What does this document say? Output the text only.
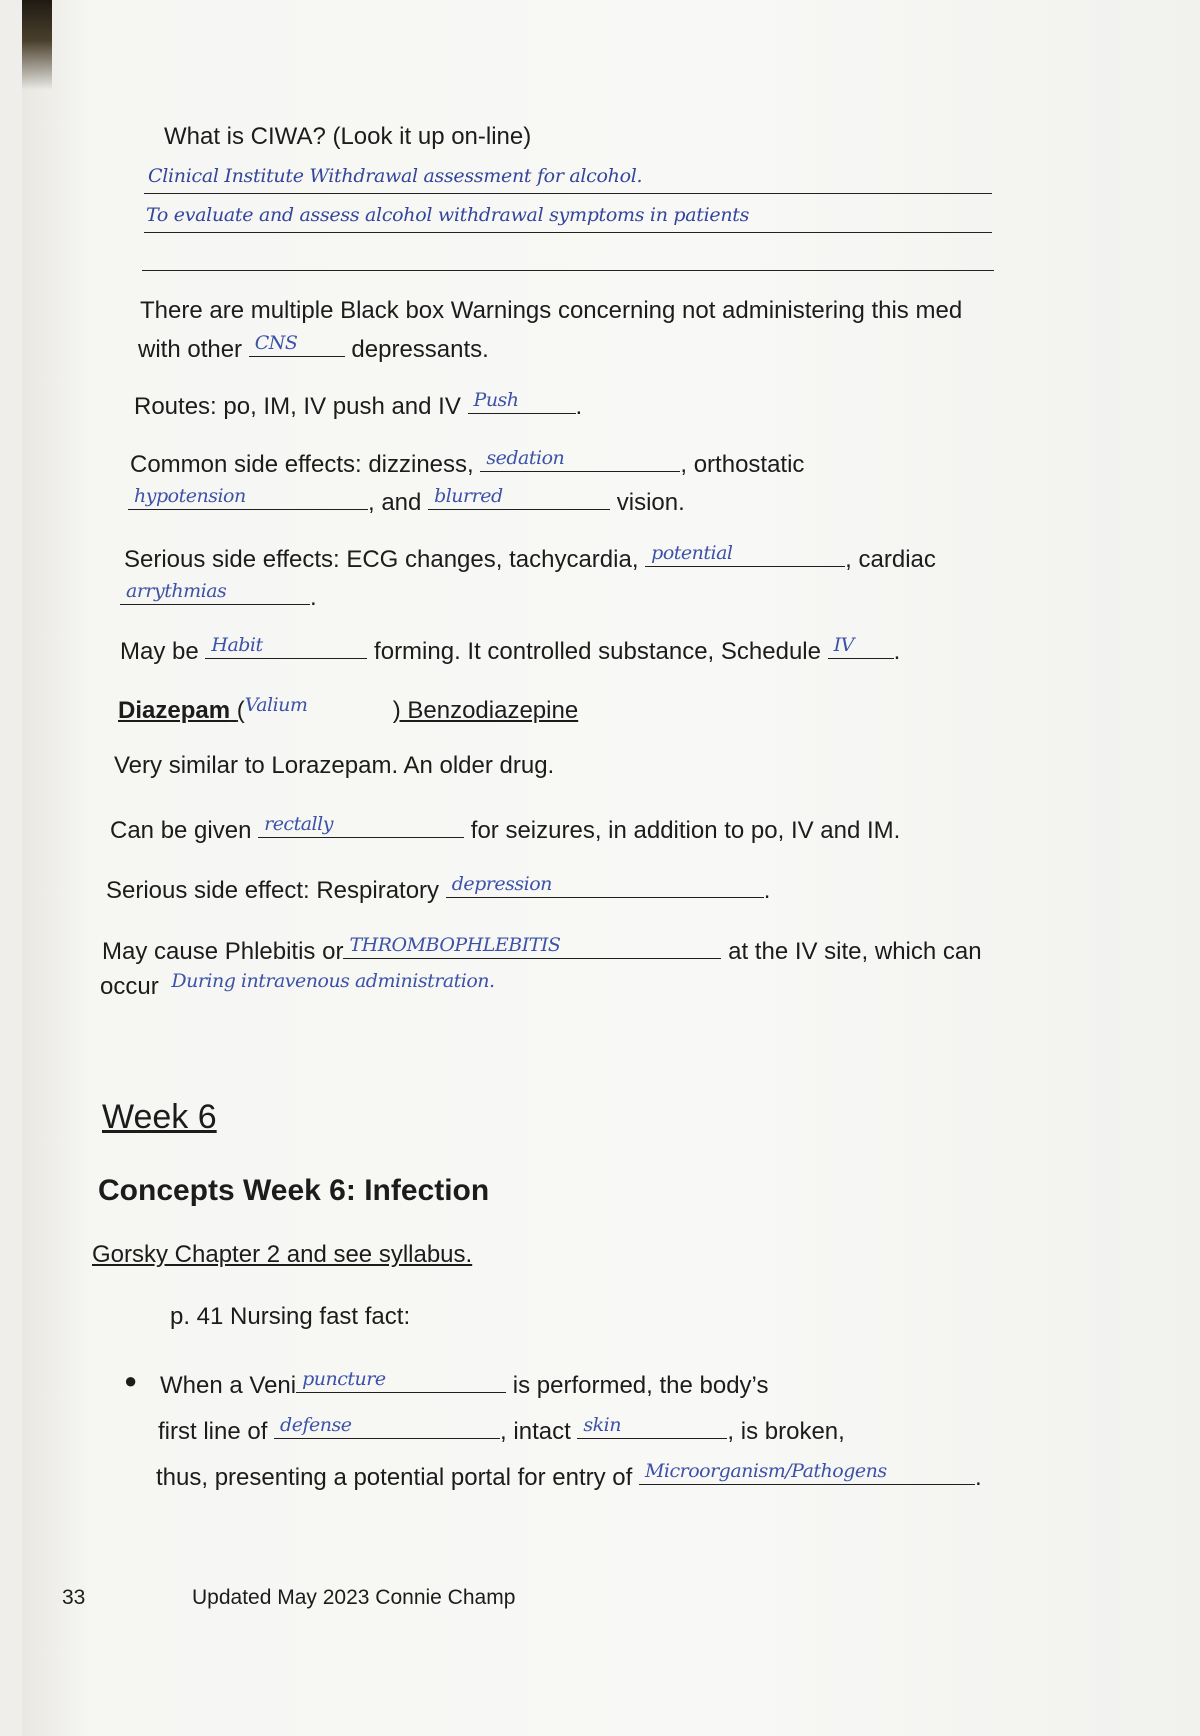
What is CIWA? (Look it up on-line)
Clinical Institute Withdrawal assessment for alcohol.
To evaluate and assess alcohol withdrawal symptoms in patients
There are multiple Black box Warnings concerning not administering this med
with other CNS depressants.
Routes: po, IM, IV push and IV Push .
Common side effects: dizziness, sedation	, orthostatic
hypotension	, and blurred	vision.
Serious side effects: ECG changes, tachycardia, potential	, cardiac
arrythmias	.
May be Habit	forming. It controlled substance, Schedule IV .
Diazepam ( Valium	) Benzodiazepine
Very similar to Lorazepam. An older drug.
Can be given rectally	for seizures, in addition to po, IV and IM.
Serious side effect: Respiratory depression	.
May cause Phlebitis or THROMBOPHLEBITIS	at the IV site, which can
occur During intravenous administration.
Week 6
Concepts Week 6: Infection
Gorsky Chapter 2 and see syllabus.
p. 41 Nursing fast fact:
● When a Veni puncture	is performed, the body’s
first line of defense	, intact skin	, is broken,
thus, presenting a potential portal for entry of Microorganism/Pathogens	.
33	Updated May 2023 Connie Champ
